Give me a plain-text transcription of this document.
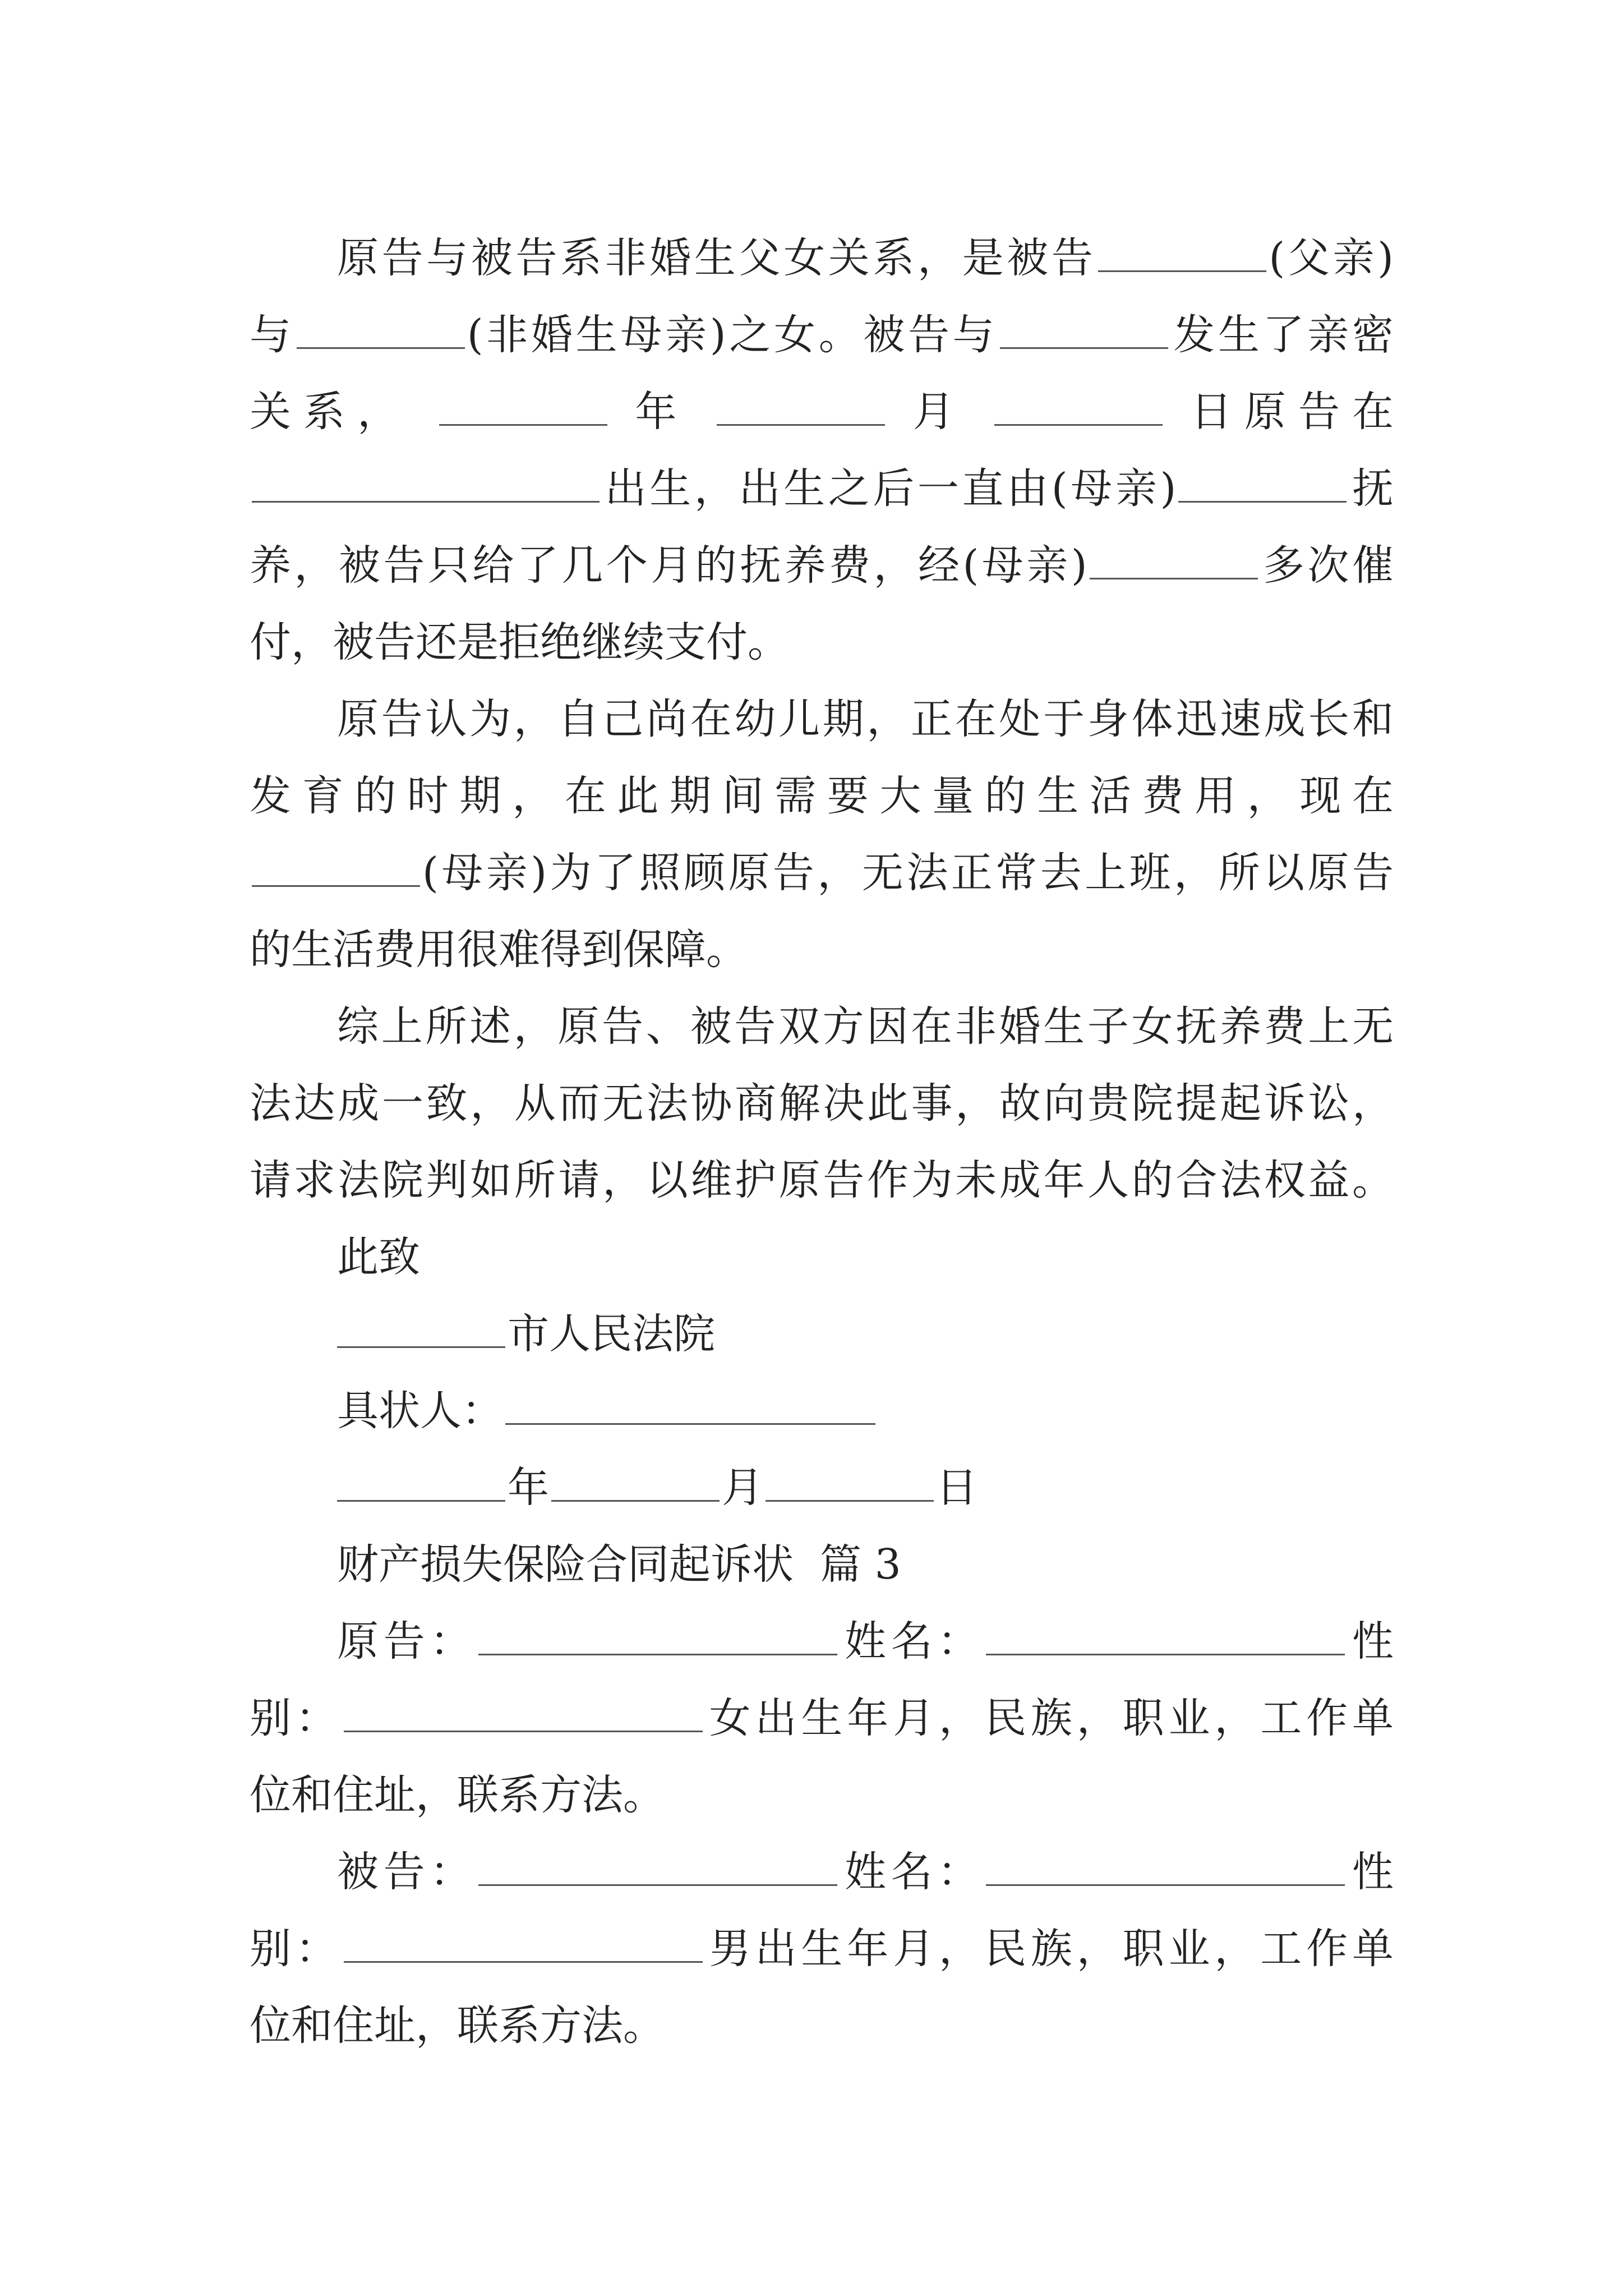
原告与被告系非婚生父女关系，是被告	(父亲)
与	(非婚生母亲)之女。被告与	发生了亲密
关系，	年	月	日原告在
出生，出生之后一直由(母亲)	抚
养，被告只给了几个月的抚养费，经(母亲)	多次催
付，被告还是拒绝继续支付。
原告认为，自己尚在幼儿期，正在处于身体迅速成长和
发育的时期，在此期间需要大量的生活费用，现在
(母亲)为了照顾原告，无法正常去上班，所以原告
的生活费用很难得到保障。
综上所述，原告、被告双方因在非婚生子女抚养费上无
法达成一致，从而无法协商解决此事，故向贵院提起诉讼，
请求法院判如所请，以维护原告作为未成年人的合法权益。
此致
市人民法院
具状人：
年	月	日
财产损失保险合同起诉状  篇 3
原告：	姓名：	性
别：	女出生年月，民族，职业，工作单
位和住址，联系方法。
被告：	姓名：	性
别：	男出生年月，民族，职业，工作单
位和住址，联系方法。
